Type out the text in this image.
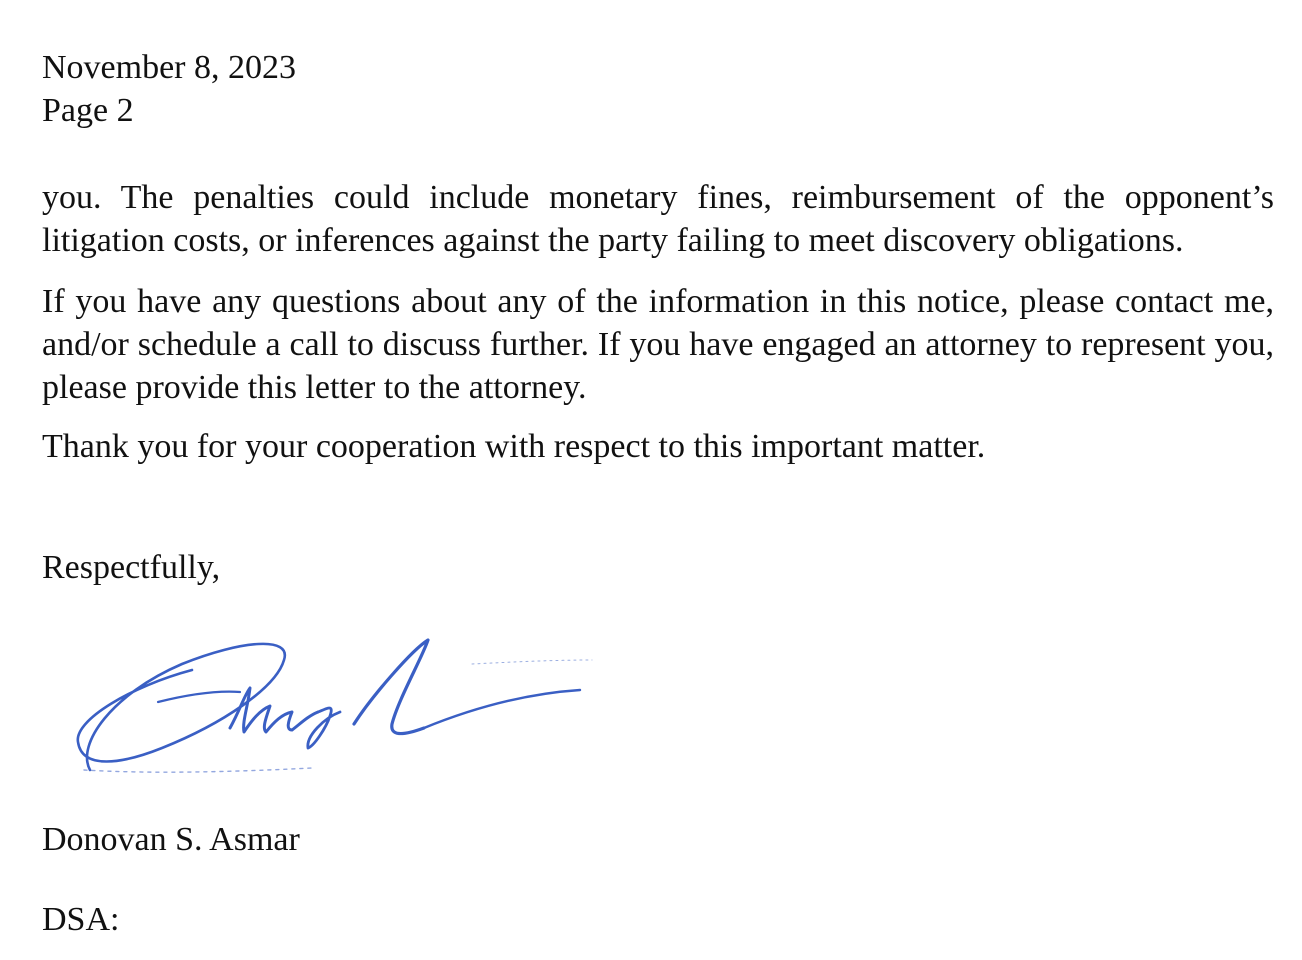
November 8, 2023
Page 2

you. The penalties could include monetary fines, reimbursement of the opponent’s litigation costs, or inferences against the party failing to meet discovery obligations.

If you have any questions about any of the information in this notice, please contact me, and/or schedule a call to discuss further. If you have engaged an attorney to represent you, please provide this letter to the attorney.

Thank you for your cooperation with respect to this important matter.

Respectfully,

Donovan S. Asmar
DSA:
